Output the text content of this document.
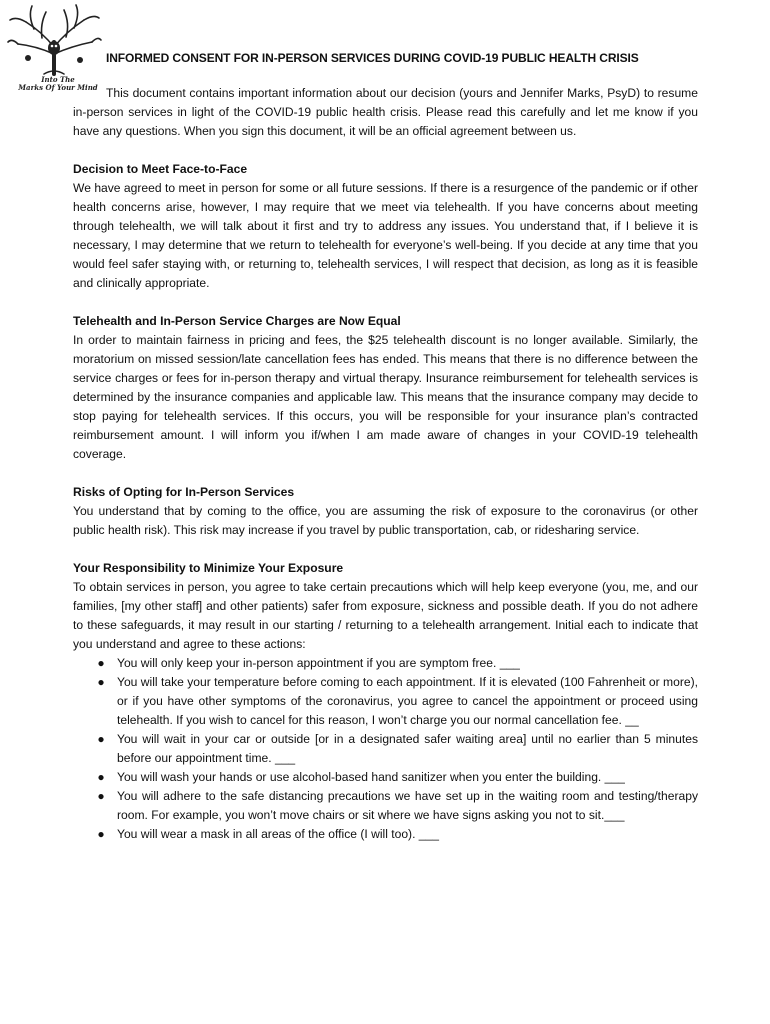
Into The
Marks Of Your Mind
INFORMED CONSENT FOR IN-PERSON SERVICES DURING COVID-19 PUBLIC HEALTH CRISIS

This document contains important information about our decision (yours and Jennifer Marks, PsyD) to resume in-person services in light of the COVID-19 public health crisis. Please read this carefully and let me know if you have any questions. When you sign this document, it will be an official agreement between us.

Decision to Meet Face-to-Face

We have agreed to meet in person for some or all future sessions. If there is a resurgence of the pandemic or if other health concerns arise, however, I may require that we meet via telehealth. If you have concerns about meeting through telehealth, we will talk about it first and try to address any issues. You understand that, if I believe it is necessary, I may determine that we return to telehealth for everyone’s well-being. If you decide at any time that you would feel safer staying with, or returning to, telehealth services, I will respect that decision, as long as it is feasible and clinically appropriate.

Telehealth and In-Person Service Charges are Now Equal

In order to maintain fairness in pricing and fees, the $25 telehealth discount is no longer available. Similarly, the moratorium on missed session/late cancellation fees has ended. This means that there is no difference between the service charges or fees for in-person therapy and virtual therapy. Insurance reimbursement for telehealth services is determined by the insurance companies and applicable law. This means that the insurance company may decide to stop paying for telehealth services. If this occurs, you will be responsible for your insurance plan’s contracted reimbursement amount. I will inform you if/when I am made aware of changes in your COVID-19 telehealth coverage.

Risks of Opting for In-Person Services

You understand that by coming to the office, you are assuming the risk of exposure to the coronavirus (or other public health risk). This risk may increase if you travel by public transportation, cab, or ridesharing service.

Your Responsibility to Minimize Your Exposure

To obtain services in person, you agree to take certain precautions which will help keep everyone (you, me, and our families, [my other staff] and other patients) safer from exposure, sickness and possible death. If you do not adhere to these safeguards, it may result in our starting / returning to a telehealth arrangement. Initial each to indicate that you understand and agree to these actions:

● You will only keep your in-person appointment if you are symptom free. ___
● You will take your temperature before coming to each appointment. If it is elevated (100 Fahrenheit or more), or if you have other symptoms of the coronavirus, you agree to cancel the appointment or proceed using telehealth. If you wish to cancel for this reason, I won’t charge you our normal cancellation fee. __
● You will wait in your car or outside [or in a designated safer waiting area] until no earlier than 5 minutes before our appointment time. ___
● You will wash your hands or use alcohol-based hand sanitizer when you enter the building. ___
● You will adhere to the safe distancing precautions we have set up in the waiting room and testing/therapy room. For example, you won’t move chairs or sit where we have signs asking you not to sit.___
● You will wear a mask in all areas of the office (I will too). ___
